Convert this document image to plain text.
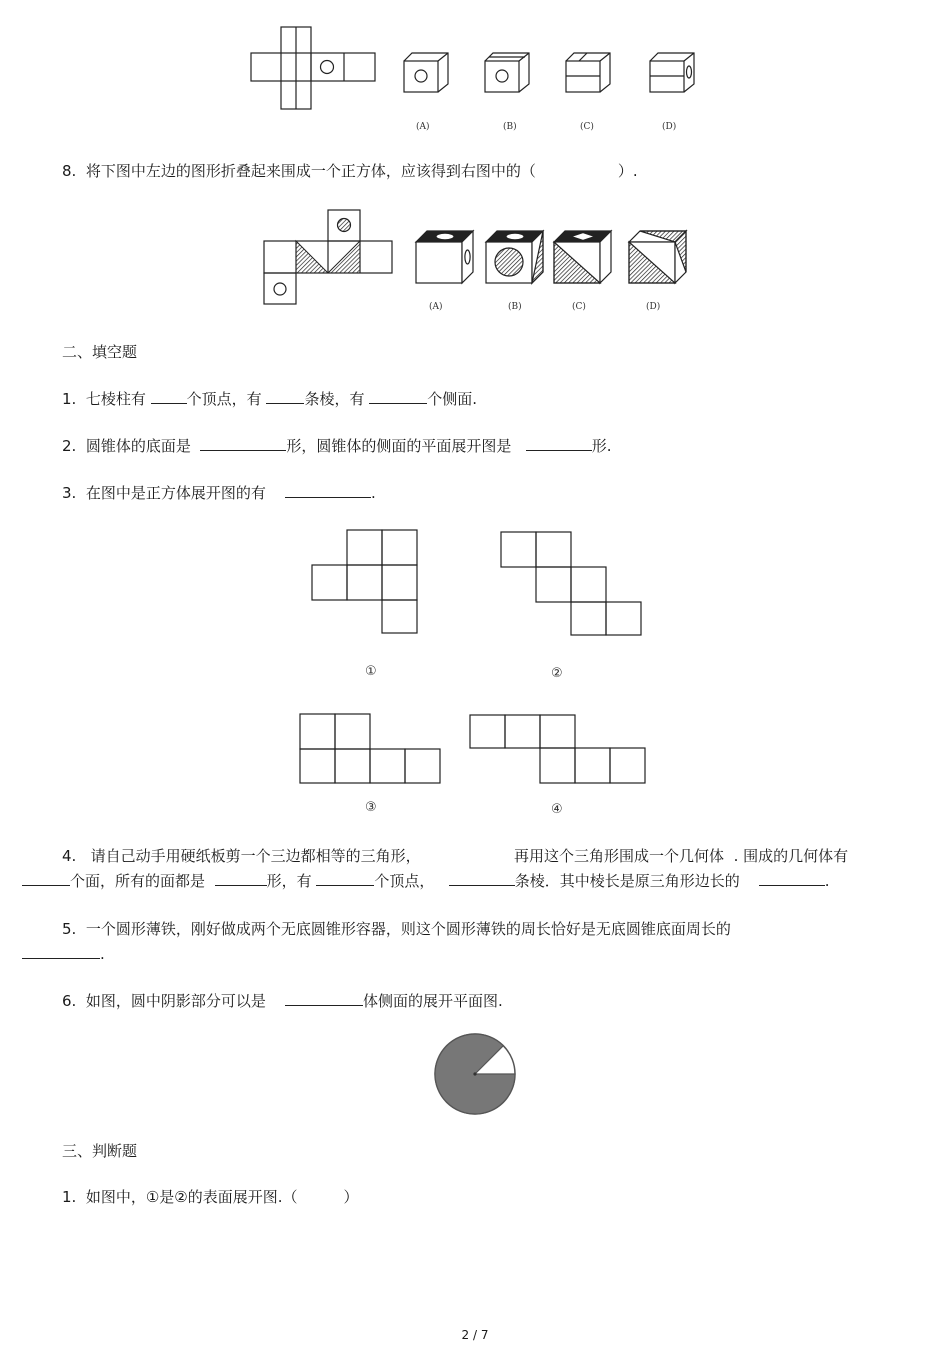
(A)	(B)	(C)	(D)
8. 将下图中左边的图形折叠起来围成一个正方体，应该得到右图中的（	）.
(A)	(B)	(C)	(D)
二、填空题
1. 七棱柱有	个顶点，有	条棱，有	个侧面.
2. 圆锥体的底面是	形，圆锥体的侧面的平面展开图是	形.
3. 在图中是正方体展开图的有	.
①	②
③	④
4. 请自己动手用硬纸板剪一个三边都相等的三角形，	再用这个三角形围成一个几何体 . 围成的几何体有
个面，所有的面都是	形，有	个顶点，	条棱．其中棱长是原三角形边长的	.
5. 一个圆形薄铁，刚好做成两个无底圆锥形容器，则这个圆形薄铁的周长恰好是无底圆锥底面周长的
.
6. 如图，圆中阴影部分可以是	体侧面的展开平面图.
三、判断题
1. 如图中，①是②的表面展开图.（	）
2 / 7
